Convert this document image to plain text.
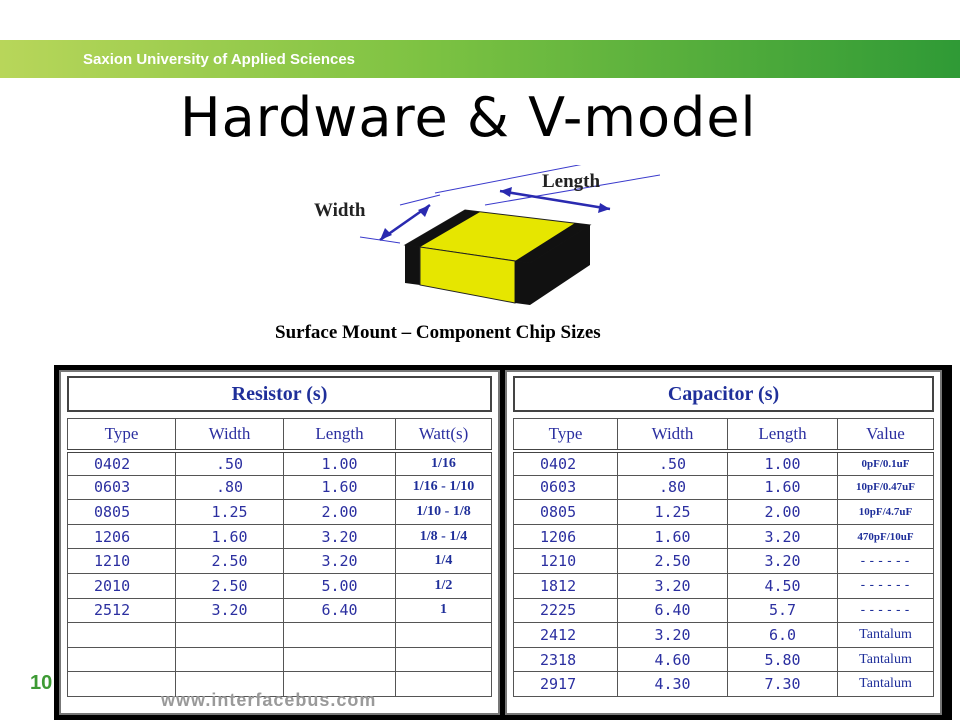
Saxion University of Applied Sciences
Hardware & V-model
10
Width
Length
Surface Mount – Component Chip Sizes
Resistor (s)
Type	Width	Length	Watt(s)
0402	.50	1.00	1/16
0603	.80	1.60	1/16 - 1/10
0805	1.25	2.00	1/10 - 1/8
1206	1.60	3.20	1/8 - 1/4
1210	2.50	3.20	1/4
2010	2.50	5.00	1/2
2512	3.20	6.40	1

www.interfacebus.com
Capacitor (s)
Type	Width	Length	Value
0402	.50	1.00	0pF/0.1uF
0603	.80	1.60	10pF/0.47uF
0805	1.25	2.00	10pF/4.7uF
1206	1.60	3.20	470pF/10uF
1210	2.50	3.20	------
1812	3.20	4.50	------
2225	6.40	5.7	------
2412	3.20	6.0	Tantalum
2318	4.60	5.80	Tantalum
2917	4.30	7.30	Tantalum
